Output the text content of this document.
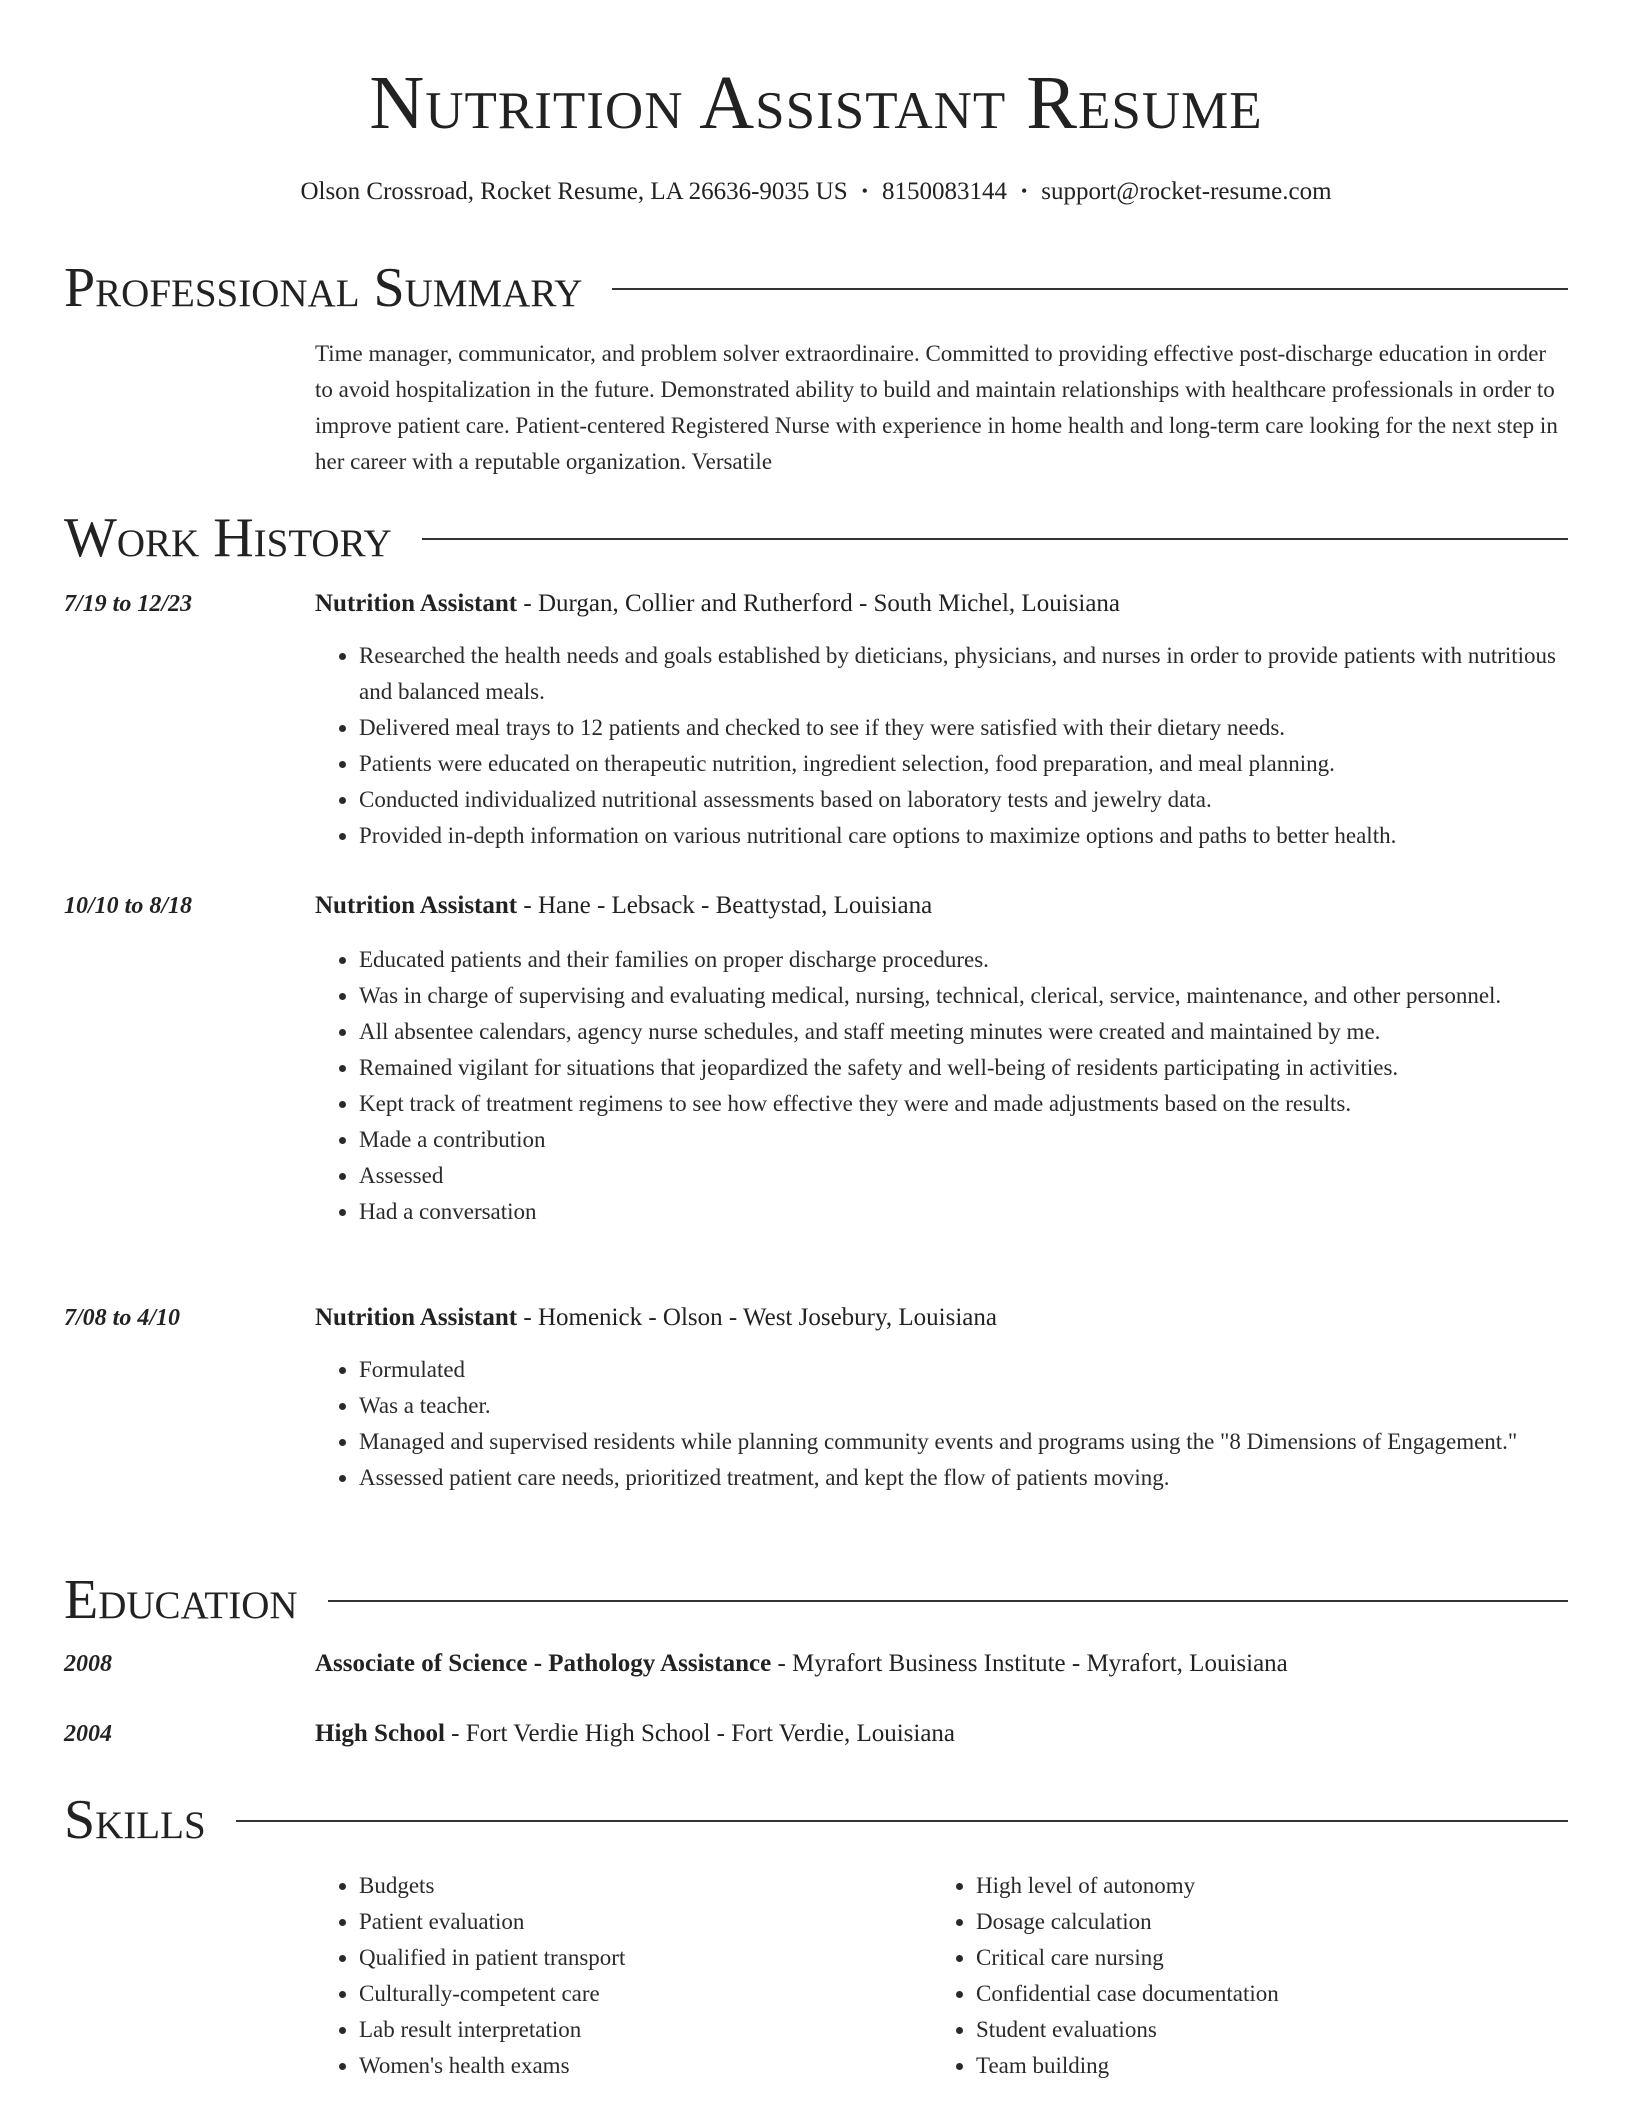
Nutrition Assistant Resume
Olson Crossroad, Rocket Resume, LA 26636-9035 US • 8150083144 • support@rocket-resume.com
Professional Summary

Time manager, communicator, and problem solver extraordinaire. Committed to providing effective post-discharge education in order to avoid hospitalization in the future. Demonstrated ability to build and maintain relationships with healthcare professionals in order to improve patient care. Patient-centered Registered Nurse with experience in home health and long-term care looking for the next step in her career with a reputable organization. Versatile

Work History
7/19 to 12/23	Nutrition Assistant - Durgan, Collier and Rutherford - South Michel, Louisiana
• Researched the health needs and goals established by dieticians, physicians, and nurses in order to provide patients with nutritious and balanced meals.
• Delivered meal trays to 12 patients and checked to see if they were satisfied with their dietary needs.
• Patients were educated on therapeutic nutrition, ingredient selection, food preparation, and meal planning.
• Conducted individualized nutritional assessments based on laboratory tests and jewelry data.
• Provided in-depth information on various nutritional care options to maximize options and paths to better health.
10/10 to 8/18	Nutrition Assistant - Hane - Lebsack - Beattystad, Louisiana
• Educated patients and their families on proper discharge procedures.
• Was in charge of supervising and evaluating medical, nursing, technical, clerical, service, maintenance, and other personnel.
• All absentee calendars, agency nurse schedules, and staff meeting minutes were created and maintained by me.
• Remained vigilant for situations that jeopardized the safety and well-being of residents participating in activities.
• Kept track of treatment regimens to see how effective they were and made adjustments based on the results.
• Made a contribution
• Assessed
• Had a conversation
7/08 to 4/10	Nutrition Assistant - Homenick - Olson - West Josebury, Louisiana
• Formulated
• Was a teacher.
• Managed and supervised residents while planning community events and programs using the "8 Dimensions of Engagement."
• Assessed patient care needs, prioritized treatment, and kept the flow of patients moving.
Education
2008	Associate of Science - Pathology Assistance - Myrafort Business Institute - Myrafort, Louisiana
2004	High School - Fort Verdie High School - Fort Verdie, Louisiana
Skills
• Budgets
• Patient evaluation
• Qualified in patient transport
• Culturally-competent care
• Lab result interpretation
• Women's health exams
• High level of autonomy
• Dosage calculation
• Critical care nursing
• Confidential case documentation
• Student evaluations
• Team building
